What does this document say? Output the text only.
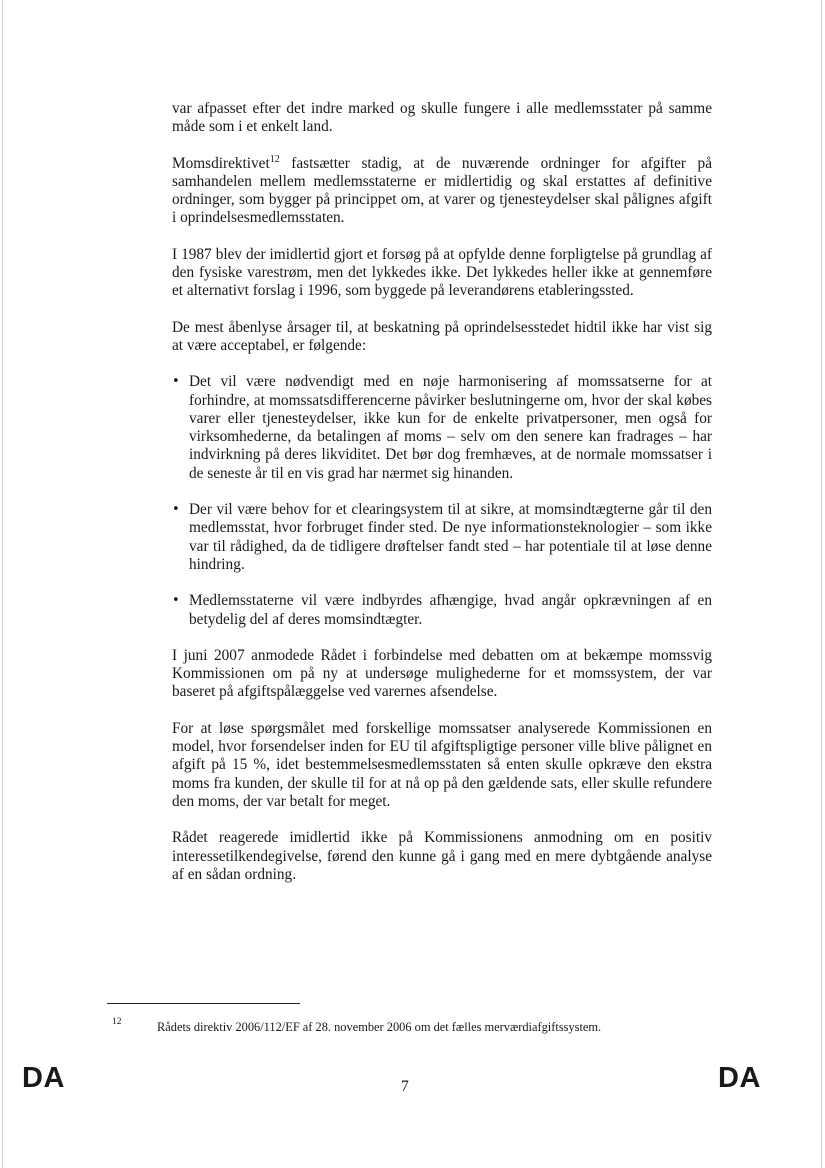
var afpasset efter det indre marked og skulle fungere i alle medlemsstater på samme måde som i et enkelt land.

Momsdirektivet$^{12}$ fastsætter stadig, at de nuværende ordninger for afgifter på samhandelen mellem medlemsstaterne er midlertidig og skal erstattes af definitive ordninger, som bygger på princippet om, at varer og tjenesteydelser skal pålignes afgift i oprindelsesmedlemsstaten.

I 1987 blev der imidlertid gjort et forsøg på at opfylde denne forpligtelse på grundlag af den fysiske varestrøm, men det lykkedes ikke. Det lykkedes heller ikke at gennemføre et alternativt forslag i 1996, som byggede på leverandørens etableringssted.

De mest åbenlyse årsager til, at beskatning på oprindelsesstedet hidtil ikke har vist sig at være acceptabel, er følgende:

• Det vil være nødvendigt med en nøje harmonisering af momssatserne for at forhindre, at momssatsdifferencerne påvirker beslutningerne om, hvor der skal købes varer eller tjenesteydelser, ikke kun for de enkelte privatpersoner, men også for virksomhederne, da betalingen af moms – selv om den senere kan fradrages – har indvirkning på deres likviditet. Det bør dog fremhæves, at de normale momssatser i de seneste år til en vis grad har nærmet sig hinanden.
• Der vil være behov for et clearingsystem til at sikre, at momsindtægterne går til den medlemsstat, hvor forbruget finder sted. De nye informationsteknologier – som ikke var til rådighed, da de tidligere drøftelser fandt sted – har potentiale til at løse denne hindring.
• Medlemsstaterne vil være indbyrdes afhængige, hvad angår opkrævningen af en betydelig del af deres momsindtægter.

I juni 2007 anmodede Rådet i forbindelse med debatten om at bekæmpe momssvig Kommissionen om på ny at undersøge mulighederne for et momssystem, der var baseret på afgiftspålæggelse ved varernes afsendelse.

For at løse spørgsmålet med forskellige momssatser analyserede Kommissionen en model, hvor forsendelser inden for EU til afgiftspligtige personer ville blive pålignet en afgift på 15 %, idet bestemmelsesmedlemsstaten så enten skulle opkræve den ekstra moms fra kunden, der skulle til for at nå op på den gældende sats, eller skulle refundere den moms, der var betalt for meget.

Rådet reagerede imidlertid ikke på Kommissionens anmodning om en positiv interessetilkendegivelse, førend den kunne gå i gang med en mere dybtgående analyse af en sådan ordning.

12	Rådets direktiv 2006/112/EF af 28. november 2006 om det fælles merværdiafgiftssystem.
DA	7	DA
